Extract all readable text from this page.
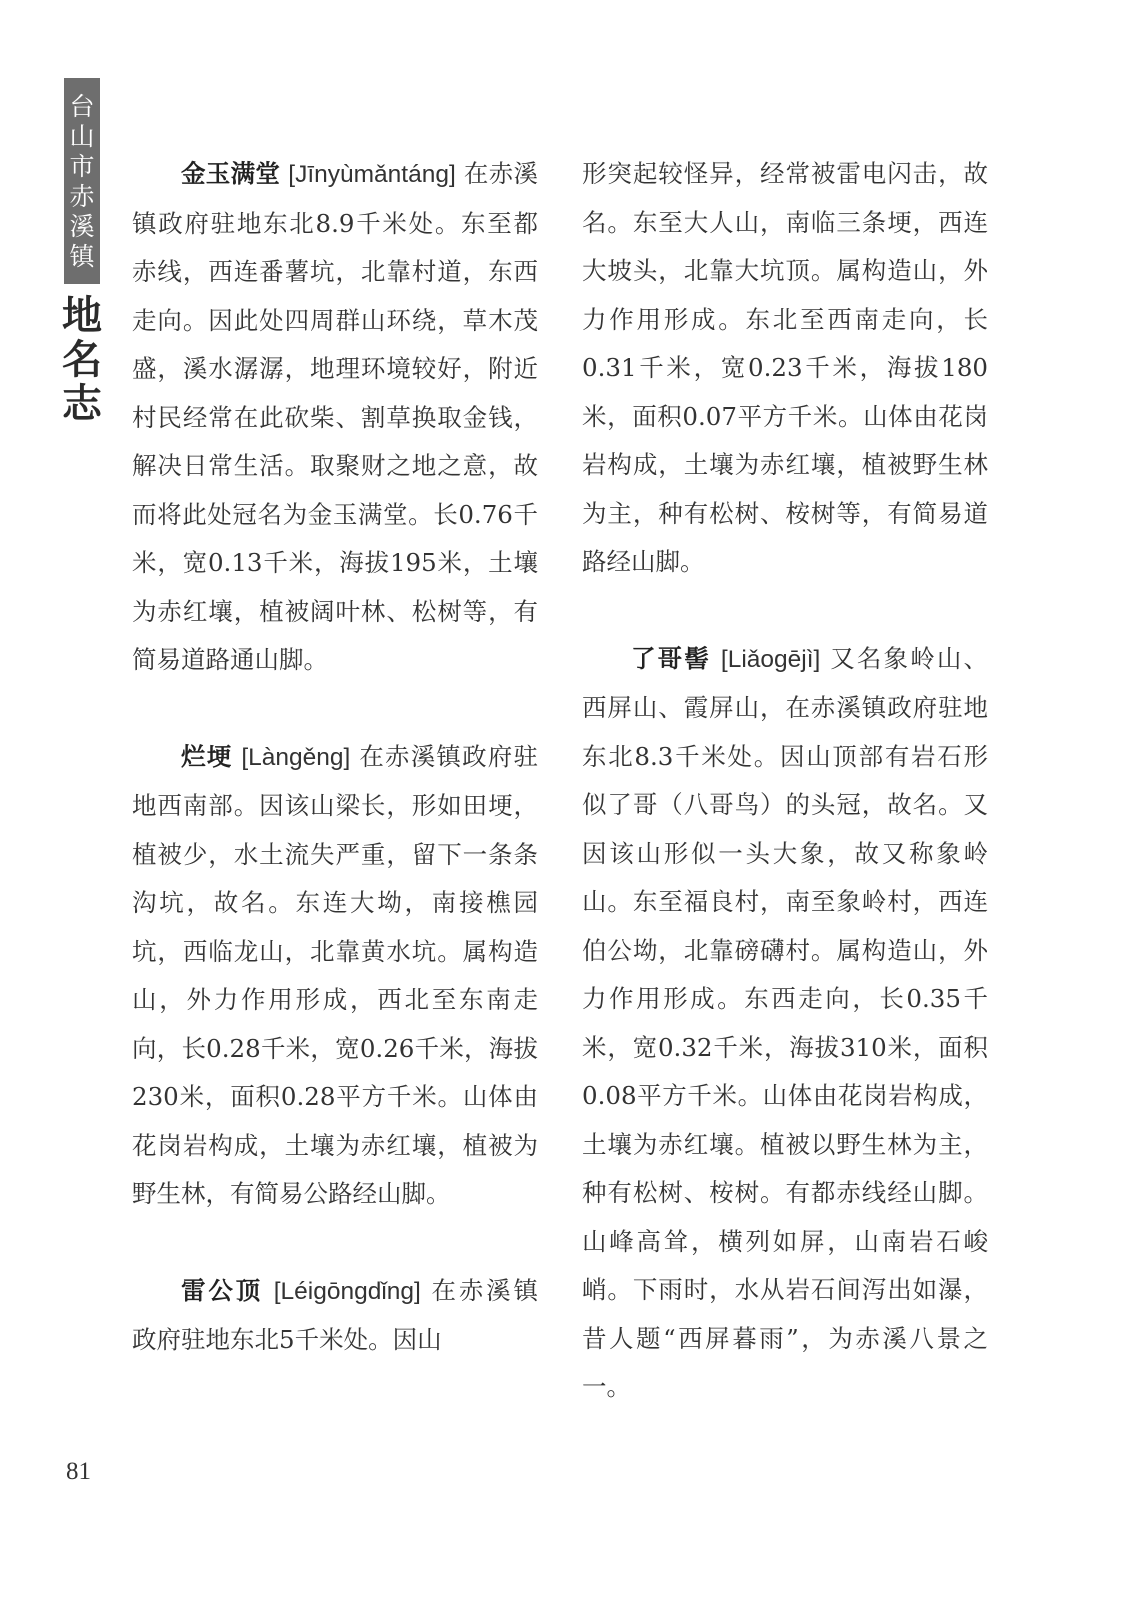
台
山
市
赤
溪
镇
地
名
志

金玉满堂 [Jīnyùmǎntáng] 在赤溪镇政府驻地东北8.9千米处。东至都赤线，西连番薯坑，北靠村道，东西走向。因此处四周群山环绕，草木茂盛，溪水潺潺，地理环境较好，附近村民经常在此砍柴、割草换取金钱，解决日常生活。取聚财之地之意，故而将此处冠名为金玉满堂。长0.76千米，宽0.13千米，海拔195米，土壤为赤红壤，植被阔叶林、松树等，有简易道路通山脚。

烂埂 [Làngěng] 在赤溪镇政府驻地西南部。因该山梁长，形如田埂，植被少，水土流失严重，留下一条条沟坑，故名。东连大坳，南接樵园坑，西临龙山，北靠黄水坑。属构造山，外力作用形成，西北至东南走向，长0.28千米，宽0.26千米，海拔230米，面积0.28平方千米。山体由花岗岩构成，土壤为赤红壤，植被为野生林，有简易公路经山脚。

雷公顶 [Léigōngdǐng] 在赤溪镇政府驻地东北5千米处。因山

形突起较怪异，经常被雷电闪击，故名。东至大人山，南临三条埂，西连大坡头，北靠大坑顶。属构造山，外力作用形成。东北至西南走向，长0.31千米，宽0.23千米，海拔180米，面积0.07平方千米。山体由花岗岩构成，土壤为赤红壤，植被野生林为主，种有松树、桉树等，有简易道路经山脚。

了哥髻 [Liǎogējì] 又名象岭山、西屏山、霞屏山，在赤溪镇政府驻地东北8.3千米处。因山顶部有岩石形似了哥（八哥鸟）的头冠，故名。又因该山形似一头大象，故又称象岭山。东至福良村，南至象岭村，西连伯公坳，北靠磅礴村。属构造山，外力作用形成。东西走向，长0.35千米，宽0.32千米，海拔310米，面积0.08平方千米。山体由花岗岩构成，土壤为赤红壤。植被以野生林为主，种有松树、桉树。有都赤线经山脚。山峰高耸，横列如屏，山南岩石峻峭。下雨时，水从岩石间泻出如瀑，昔人题“西屏暮雨”，为赤溪八景之一。

81
